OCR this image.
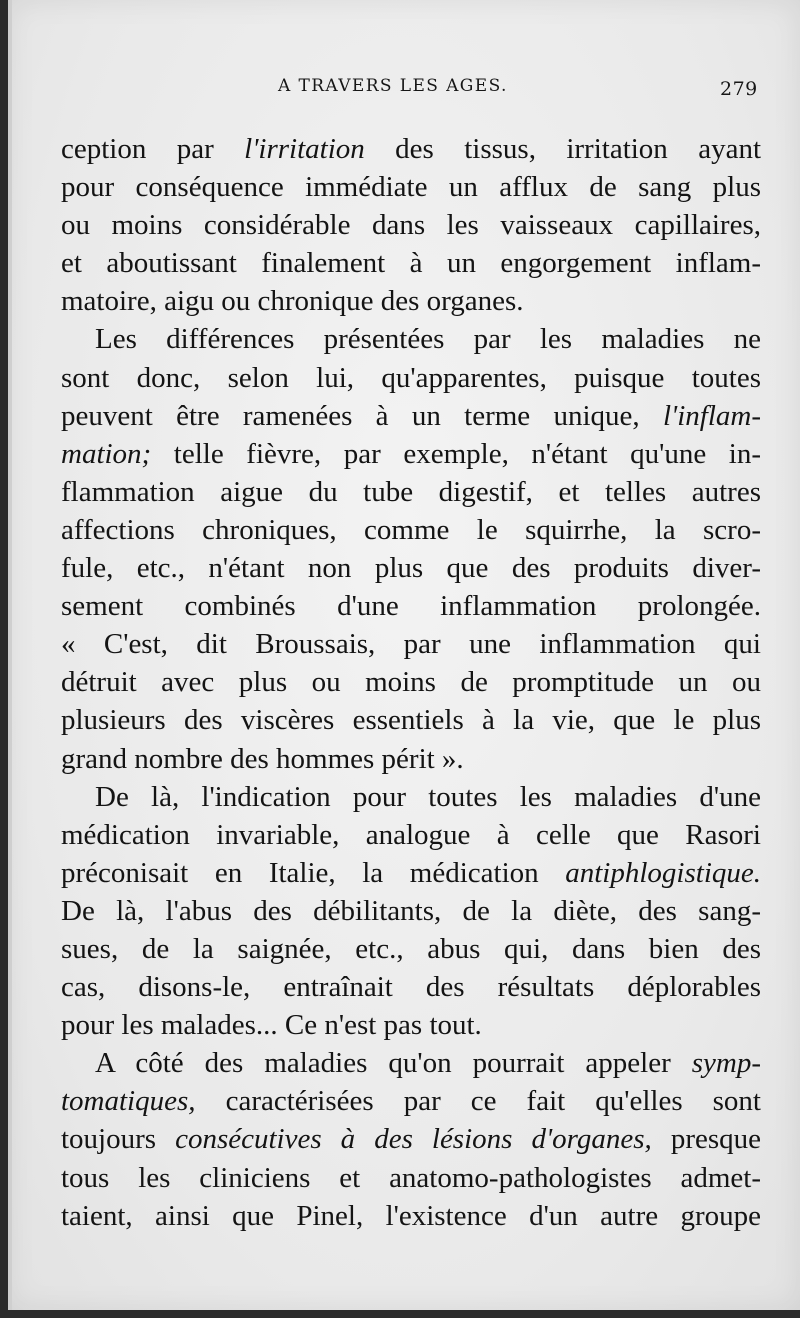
A TRAVERS LES AGES.	279
ception par l'irritation des tissus, irritation ayant
pour conséquence immédiate un afflux de sang plus
ou moins considérable dans les vaisseaux capillaires,
et aboutissant finalement à un engorgement inflam-
matoire, aigu ou chronique des organes.
Les différences présentées par les maladies ne
sont donc, selon lui, qu'apparentes, puisque toutes
peuvent être ramenées à un terme unique, l'inflam-
mation; telle fièvre, par exemple, n'étant qu'une in-
flammation aigue du tube digestif, et telles autres
affections chroniques, comme le squirrhe, la scro-
fule, etc., n'étant non plus que des produits diver-
sement combinés d'une inflammation prolongée.
« C'est, dit Broussais, par une inflammation qui
détruit avec plus ou moins de promptitude un ou
plusieurs des viscères essentiels à la vie, que le plus
grand nombre des hommes périt ».
De là, l'indication pour toutes les maladies d'une
médication invariable, analogue à celle que Rasori
préconisait en Italie, la médication antiphlogistique.
De là, l'abus des débilitants, de la diète, des sang-
sues, de la saignée, etc., abus qui, dans bien des
cas, disons-le, entraînait des résultats déplorables
pour les malades... Ce n'est pas tout.
A côté des maladies qu'on pourrait appeler symp-
tomatiques, caractérisées par ce fait qu'elles sont
toujours consécutives à des lésions d'organes, presque
tous les cliniciens et anatomo-pathologistes admet-
taient, ainsi que Pinel, l'existence d'un autre groupe
